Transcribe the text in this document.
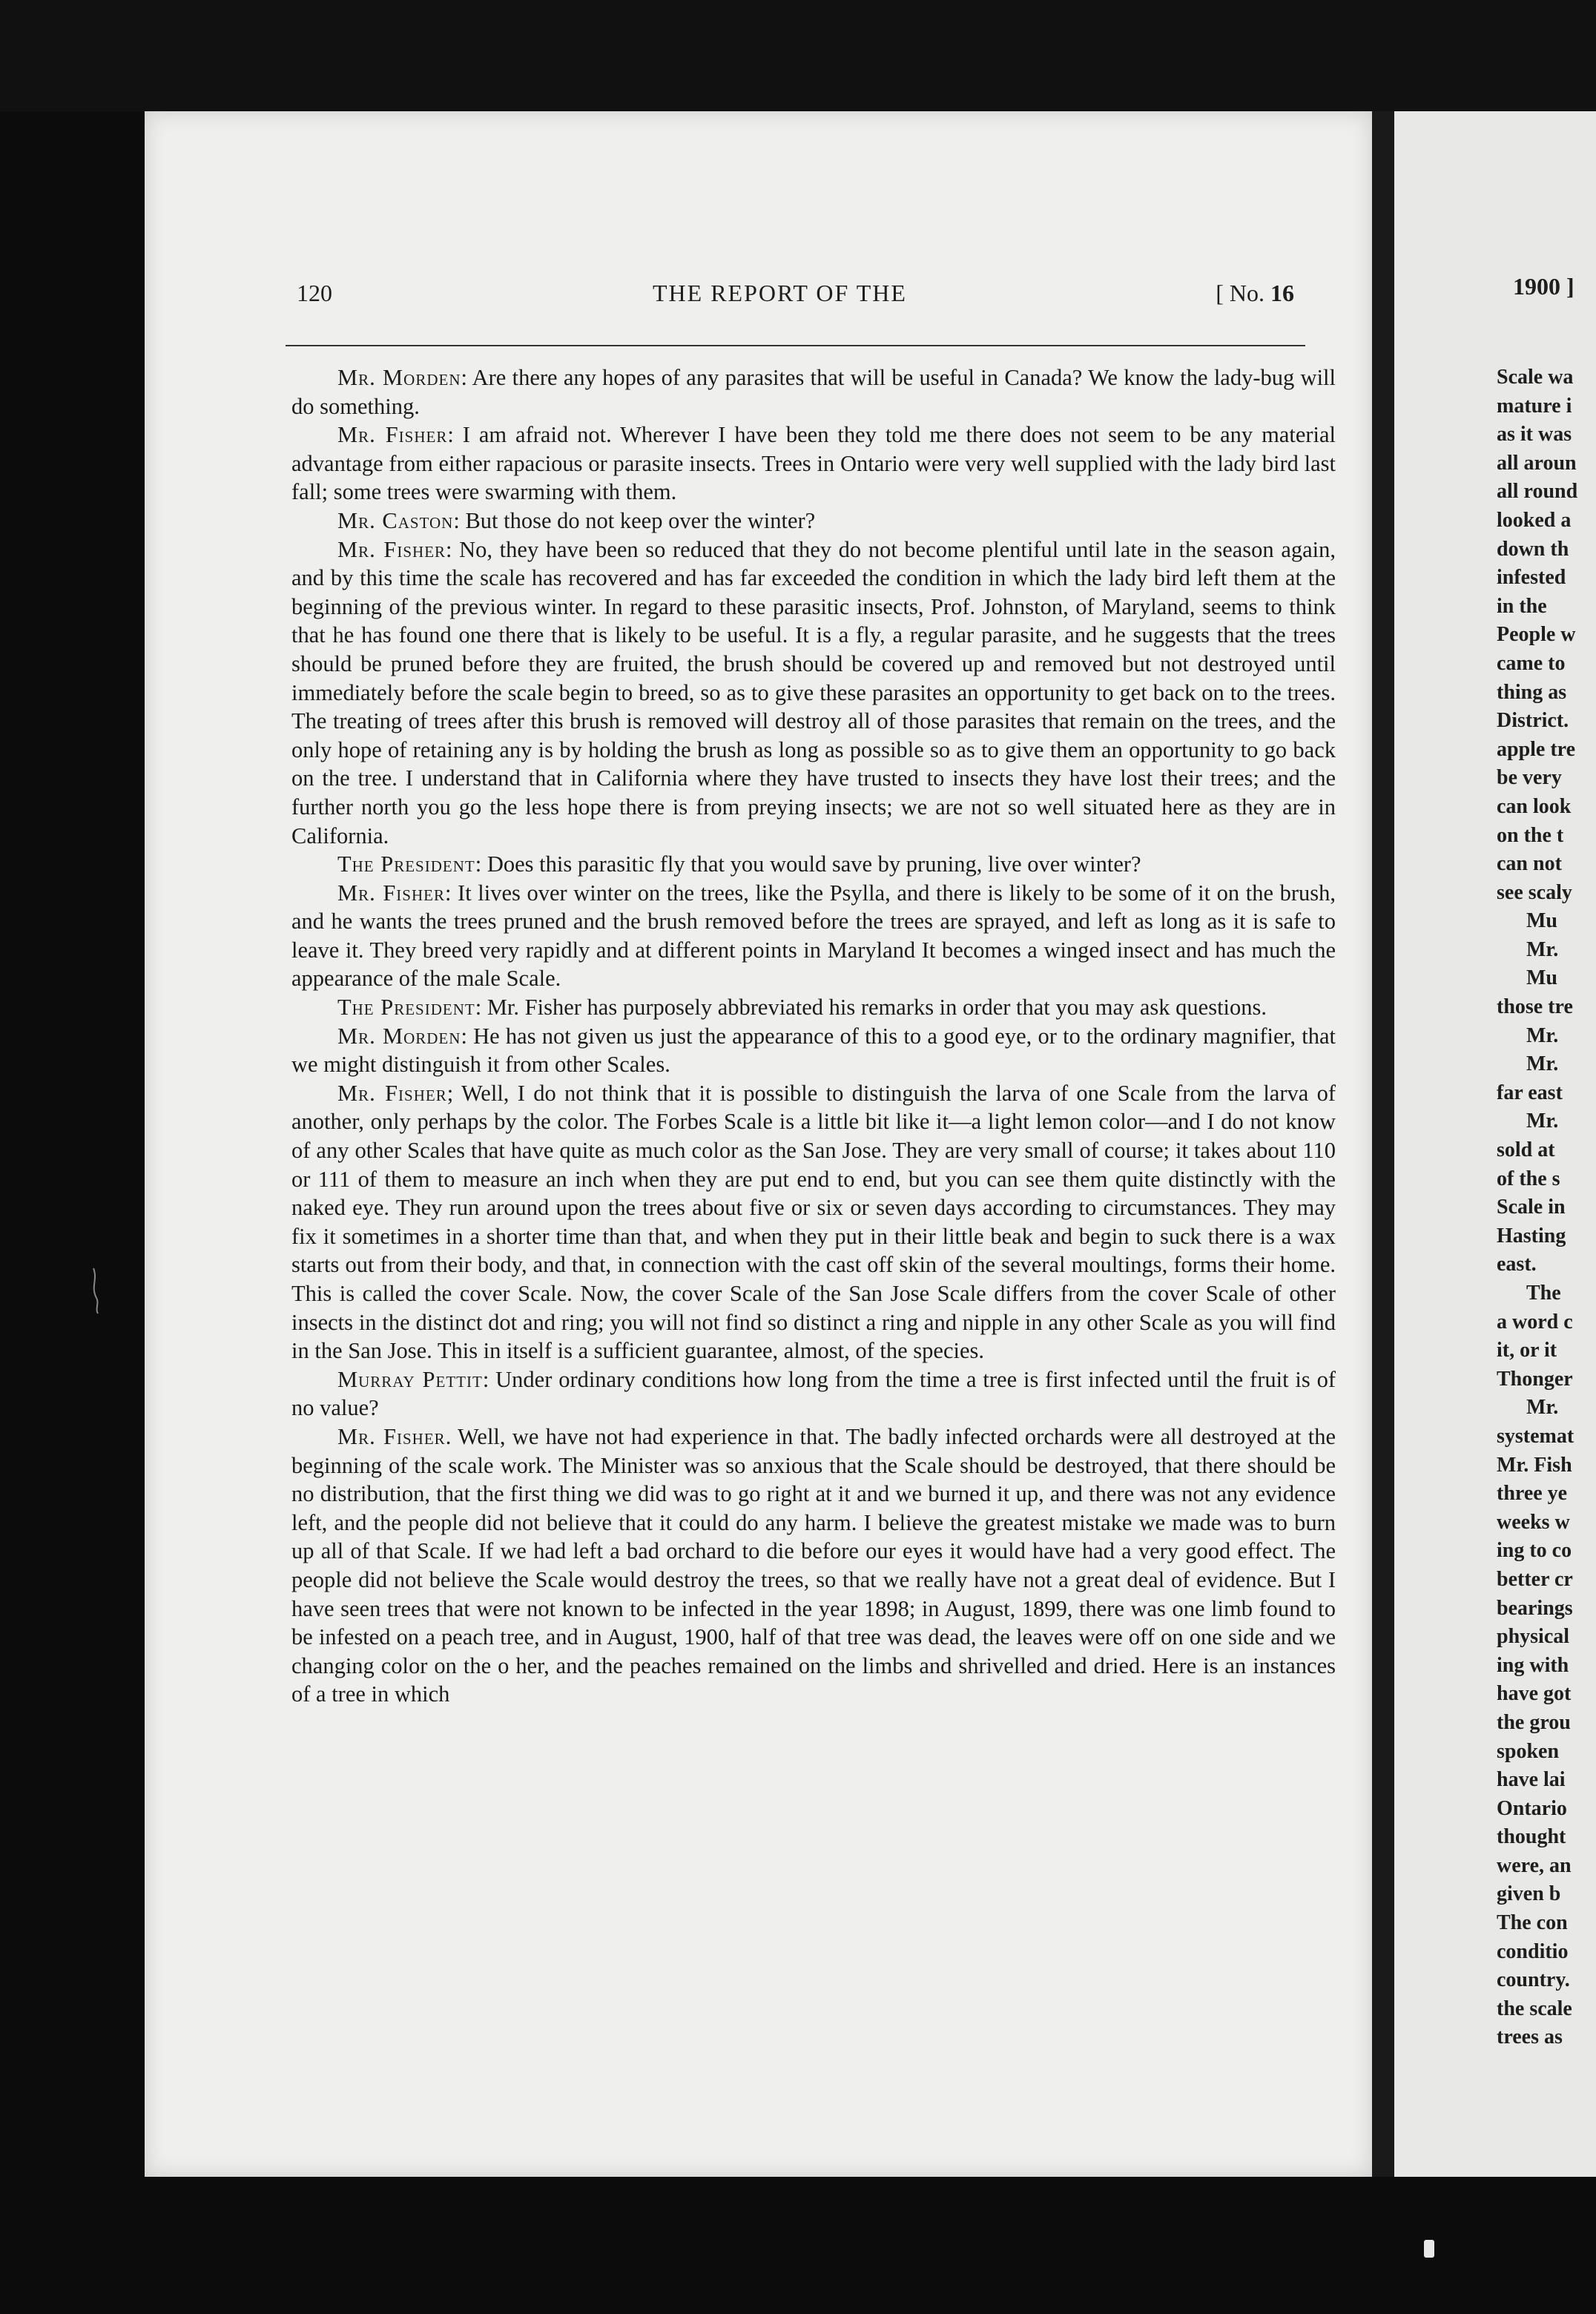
120	THE REPORT OF THE	[ No. 16

Mr. Morden: Are there any hopes of any parasites that will be useful in Canada? We know the lady-bug will do something.

Mr. Fisher: I am afraid not. Wherever I have been they told me there does not seem to be any material advantage from either rapacious or parasite insects. Trees in Ontario were very well supplied with the lady bird last fall; some trees were swarming with them.

Mr. Caston: But those do not keep over the winter?

Mr. Fisher: No, they have been so reduced that they do not become plentiful until late in the season again, and by this time the scale has recovered and has far exceeded the condition in which the lady bird left them at the beginning of the previous winter. In regard to these parasitic insects, Prof. Johnston, of Maryland, seems to think that he has found one there that is likely to be useful. It is a fly, a regular parasite, and he suggests that the trees should be pruned before they are fruited, the brush should be covered up and removed but not destroyed until immediately before the scale begin to breed, so as to give these parasites an opportunity to get back on to the trees. The treating of trees after this brush is removed will destroy all of those parasites that remain on the trees, and the only hope of retaining any is by holding the brush as long as possible so as to give them an opportunity to go back on the tree. I understand that in California where they have trusted to insects they have lost their trees; and the further north you go the less hope there is from preying insects; we are not so well situated here as they are in California.

The President: Does this parasitic fly that you would save by pruning, live over winter?

Mr. Fisher: It lives over winter on the trees, like the Psylla, and there is likely to be some of it on the brush, and he wants the trees pruned and the brush removed before the trees are sprayed, and left as long as it is safe to leave it. They breed very rapidly and at different points in Maryland It becomes a winged insect and has much the appearance of the male Scale.

The President: Mr. Fisher has purposely abbreviated his remarks in order that you may ask questions.

Mr. Morden: He has not given us just the appearance of this to a good eye, or to the ordinary magnifier, that we might distinguish it from other Scales.

Mr. Fisher; Well, I do not think that it is possible to distinguish the larva of one Scale from the larva of another, only perhaps by the color. The Forbes Scale is a little bit like it—a light lemon color—and I do not know of any other Scales that have quite as much color as the San Jose. They are very small of course; it takes about 110 or 111 of them to measure an inch when they are put end to end, but you can see them quite distinctly with the naked eye. They run around upon the trees about five or six or seven days according to circumstances. They may fix it sometimes in a shorter time than that, and when they put in their little beak and begin to suck there is a wax starts out from their body, and that, in connection with the cast off skin of the several moultings, forms their home. This is called the cover Scale. Now, the cover Scale of the San Jose Scale differs from the cover Scale of other insects in the distinct dot and ring; you will not find so distinct a ring and nipple in any other Scale as you will find in the San Jose. This in itself is a sufficient guarantee, almost, of the species.

Murray Pettit: Under ordinary conditions how long from the time a tree is first infected until the fruit is of no value?

Mr. Fisher. Well, we have not had experience in that. The badly infected orchards were all destroyed at the beginning of the scale work. The Minister was so anxious that the Scale should be destroyed, that there should be no distribution, that the first thing we did was to go right at it and we burned it up, and there was not any evidence left, and the people did not believe that it could do any harm. I believe the greatest mistake we made was to burn up all of that Scale. If we had left a bad orchard to die before our eyes it would have had a very good effect. The people did not believe the Scale would destroy the trees, so that we really have not a great deal of evidence. But I have seen trees that were not known to be infected in the year 1898; in August, 1899, there was one limb found to be infested on a peach tree, and in August, 1900, half of that tree was dead, the leaves were off on one side and we changing color on the o her, and the peaches remained on the limbs and shrivelled and dried. Here is an instances of a tree in which

1900 ]
Scale wa
mature i
as it was
all aroun
all round
looked a
down th
infested
in the
People w
came to
thing as
District.
apple tre
be very
can look
on the t
can not
see scaly
Mu
Mr.
Mu
those tre
Mr.
Mr.
far east
Mr.
sold at
of the s
Scale in
Hasting
east.
The
a word c
it, or it
Thonger
Mr.
systemat
Mr. Fish
three ye
weeks w
ing to co
better cr
bearings
physical
ing with
have got
the grou
spoken
have lai
Ontario
thought
were, an
given b
The con
conditio
country.
the scale
trees as
